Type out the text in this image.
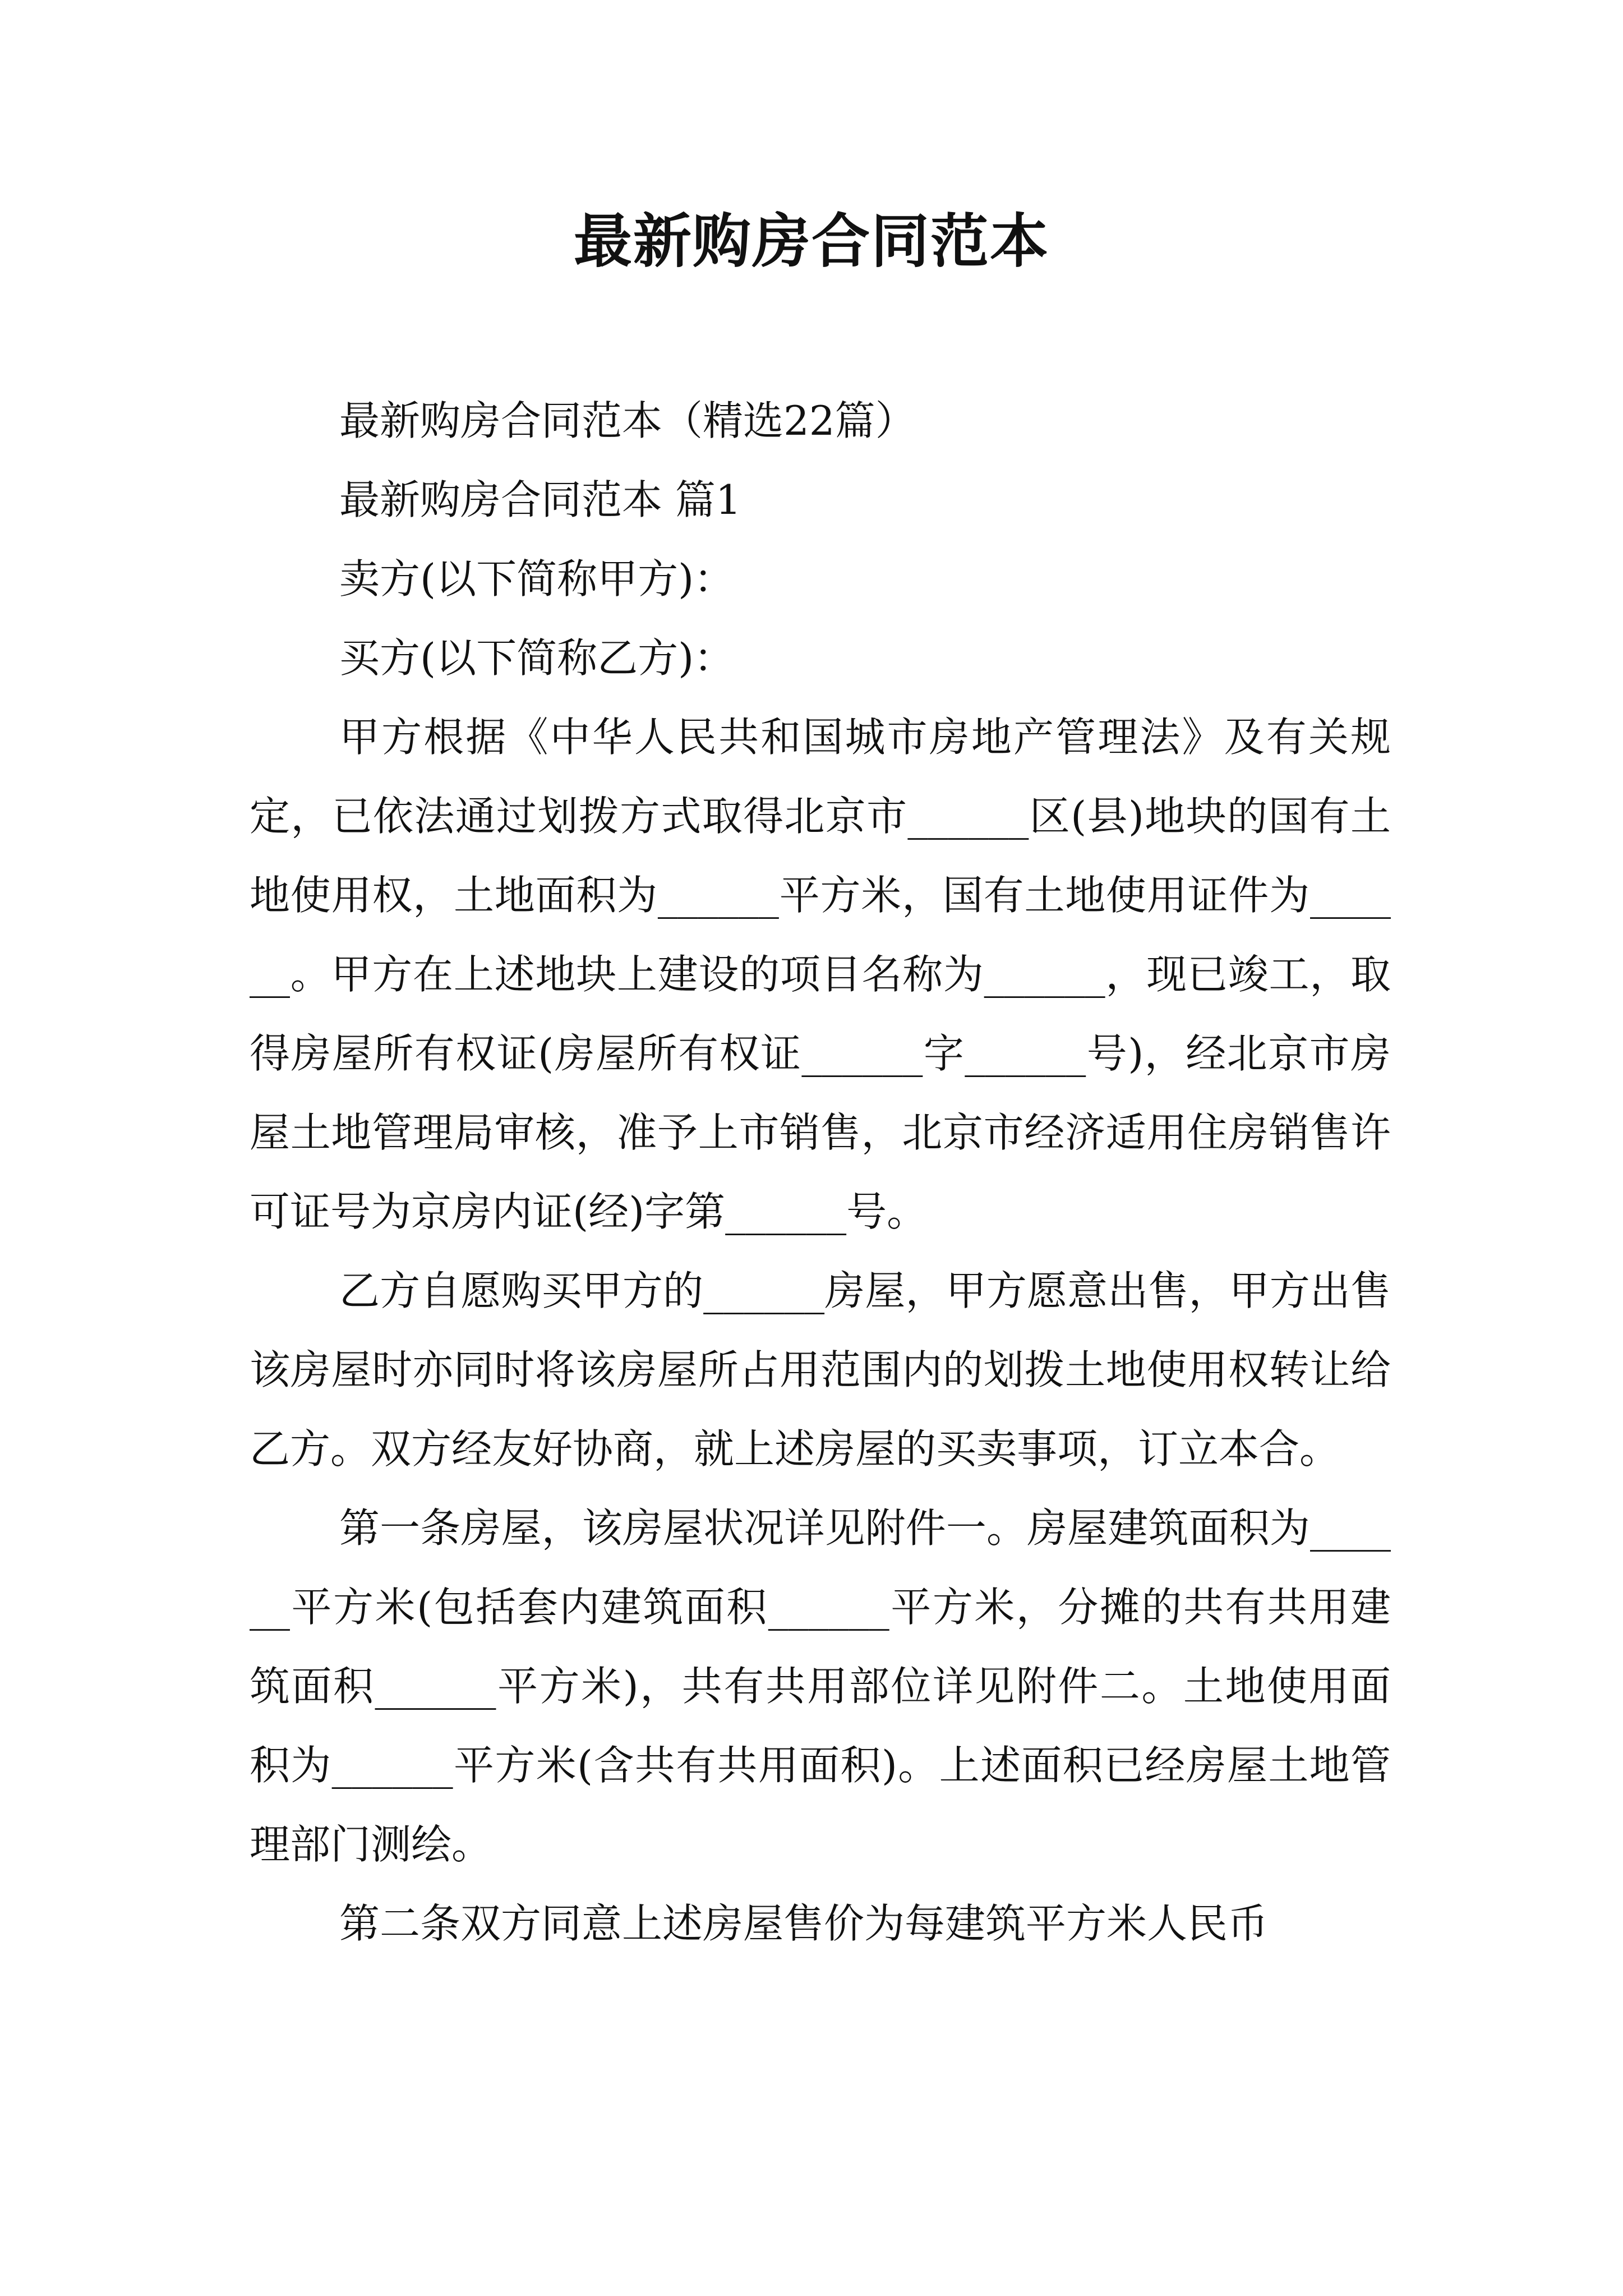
最新购房合同范本

最新购房合同范本（精选22篇）

最新购房合同范本 篇1

卖方(以下简称甲方)：

买方(以下简称乙方)：

甲方根据《中华人民共和国城市房地产管理法》及有关规定，已依法通过划拨方式取得北京市______区(县)地块的国有土地使用权，土地面积为______平方米，国有土地使用证件为______。甲方在上述地块上建设的项目名称为______，现已竣工，取得房屋所有权证(房屋所有权证______字______号)，经北京市房屋土地管理局审核，准予上市销售，北京市经济适用住房销售许可证号为京房内证(经)字第______号。

乙方自愿购买甲方的______房屋，甲方愿意出售，甲方出售该房屋时亦同时将该房屋所占用范围内的划拨土地使用权转让给乙方。双方经友好协商，就上述房屋的买卖事项，订立本合。

第一条房屋，该房屋状况详见附件一。房屋建筑面积为______平方米(包括套内建筑面积______平方米，分摊的共有共用建筑面积______平方米)，共有共用部位详见附件二。土地使用面积为______平方米(含共有共用面积)。上述面积已经房屋土地管理部门测绘。

第二条双方同意上述房屋售价为每建筑平方米人民币
